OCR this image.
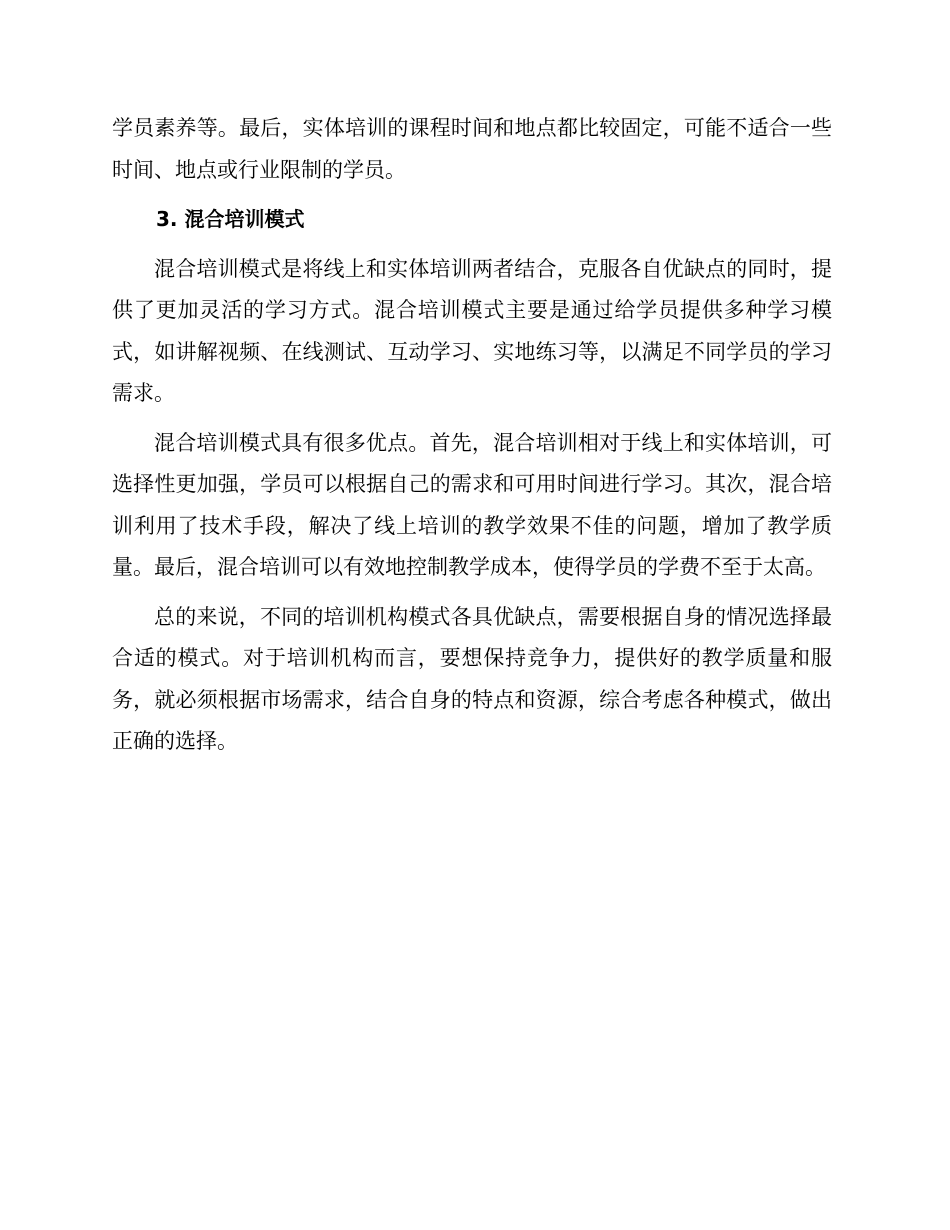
学员素养等。最后，实体培训的课程时间和地点都比较固定，可能不适合一些时间、地点或行业限制的学员。

3. 混合培训模式

混合培训模式是将线上和实体培训两者结合，克服各自优缺点的同时，提供了更加灵活的学习方式。混合培训模式主要是通过给学员提供多种学习模式，如讲解视频、在线测试、互动学习、实地练习等，以满足不同学员的学习需求。

混合培训模式具有很多优点。首先，混合培训相对于线上和实体培训，可选择性更加强，学员可以根据自己的需求和可用时间进行学习。其次，混合培训利用了技术手段，解决了线上培训的教学效果不佳的问题，增加了教学质量。最后，混合培训可以有效地控制教学成本，使得学员的学费不至于太高。

总的来说，不同的培训机构模式各具优缺点，需要根据自身的情况选择最合适的模式。对于培训机构而言，要想保持竞争力，提供好的教学质量和服务，就必须根据市场需求，结合自身的特点和资源，综合考虑各种模式，做出正确的选择。
